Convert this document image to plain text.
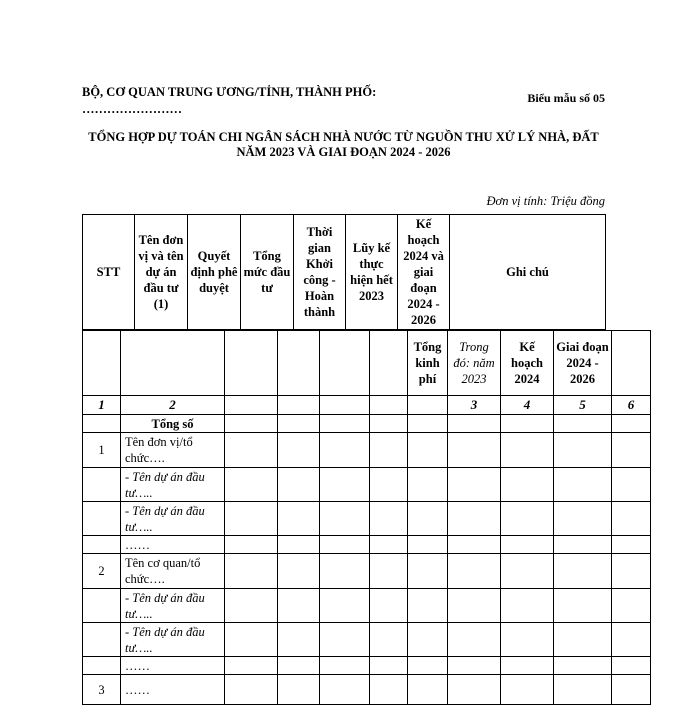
BỘ, CƠ QUAN TRUNG ƯƠNG/TỈNH, THÀNH PHỐ:
……………………
Biểu mẫu số 05
TỔNG HỢP DỰ TOÁN CHI NGÂN SÁCH NHÀ NƯỚC TỪ NGUỒN THU XỬ LÝ NHÀ, ĐẤT
NĂM 2023 VÀ GIAI ĐOẠN 2024 - 2026
Đơn vị tính: Triệu đồng
STT	Tên đơn vị và tên dự án đầu tư (1)	Quyết định phê duyệt	Tổng mức đầu tư	Thời gian Khởi công - Hoàn thành	Lũy kế thực hiện hết 2023	Kế hoạch 2024 và giai đoạn 2024 - 2026	Ghi chú
						Tổng kinh phí	Trong đó: năm 2023	Kế hoạch 2024	Giai đoạn 2024 - 2026	
1	2						3	4	5	6
	Tổng số									
1	Tên đơn vị/tổ chức….									
	- Tên dự án đầu tư…..									
	- Tên dự án đầu tư…..									
	……									
2	Tên cơ quan/tổ chức….									
	- Tên dự án đầu tư…..									
	- Tên dự án đầu tư…..									
	……									
3	……									
